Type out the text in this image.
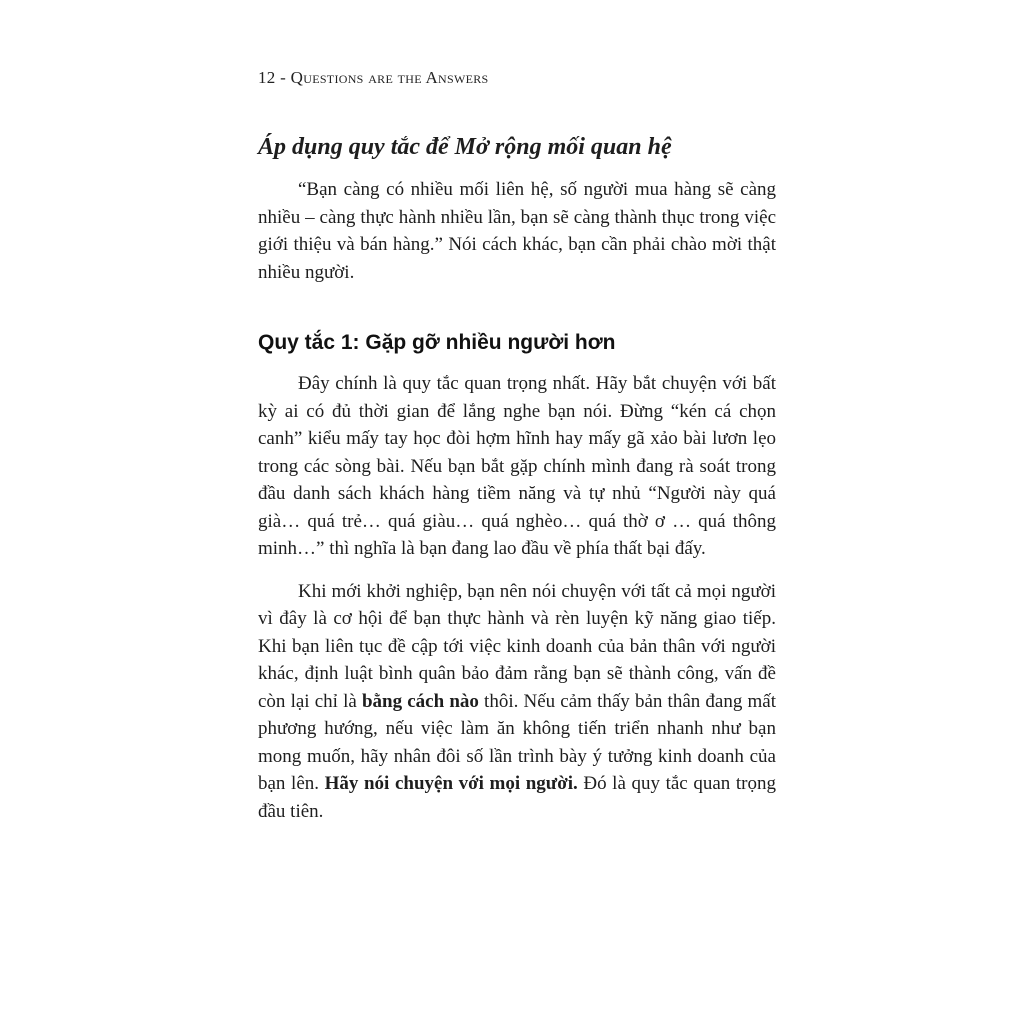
12 - Questions are the Answers
Áp dụng quy tắc để Mở rộng mối quan hệ

“Bạn càng có nhiều mối liên hệ, số người mua hàng sẽ càng nhiều – càng thực hành nhiều lần, bạn sẽ càng thành thục trong việc giới thiệu và bán hàng.” Nói cách khác, bạn cần phải chào mời thật nhiều người.

Quy tắc 1: Gặp gỡ nhiều người hơn

Đây chính là quy tắc quan trọng nhất. Hãy bắt chuyện với bất kỳ ai có đủ thời gian để lắng nghe bạn nói. Đừng “kén cá chọn canh” kiểu mấy tay học đòi hợm hĩnh hay mấy gã xảo bài lươn lẹo trong các sòng bài. Nếu bạn bắt gặp chính mình đang rà soát trong đầu danh sách khách hàng tiềm năng và tự nhủ “Người này quá già… quá trẻ… quá giàu… quá nghèo… quá thờ ơ … quá thông minh…” thì nghĩa là bạn đang lao đầu về phía thất bại đấy.

Khi mới khởi nghiệp, bạn nên nói chuyện với tất cả mọi người vì đây là cơ hội để bạn thực hành và rèn luyện kỹ năng giao tiếp. Khi bạn liên tục đề cập tới việc kinh doanh của bản thân với người khác, định luật bình quân bảo đảm rằng bạn sẽ thành công, vấn đề còn lại chỉ là bằng cách nào thôi. Nếu cảm thấy bản thân đang mất phương hướng, nếu việc làm ăn không tiến triển nhanh như bạn mong muốn, hãy nhân đôi số lần trình bày ý tưởng kinh doanh của bạn lên. Hãy nói chuyện với mọi người. Đó là quy tắc quan trọng đầu tiên.
